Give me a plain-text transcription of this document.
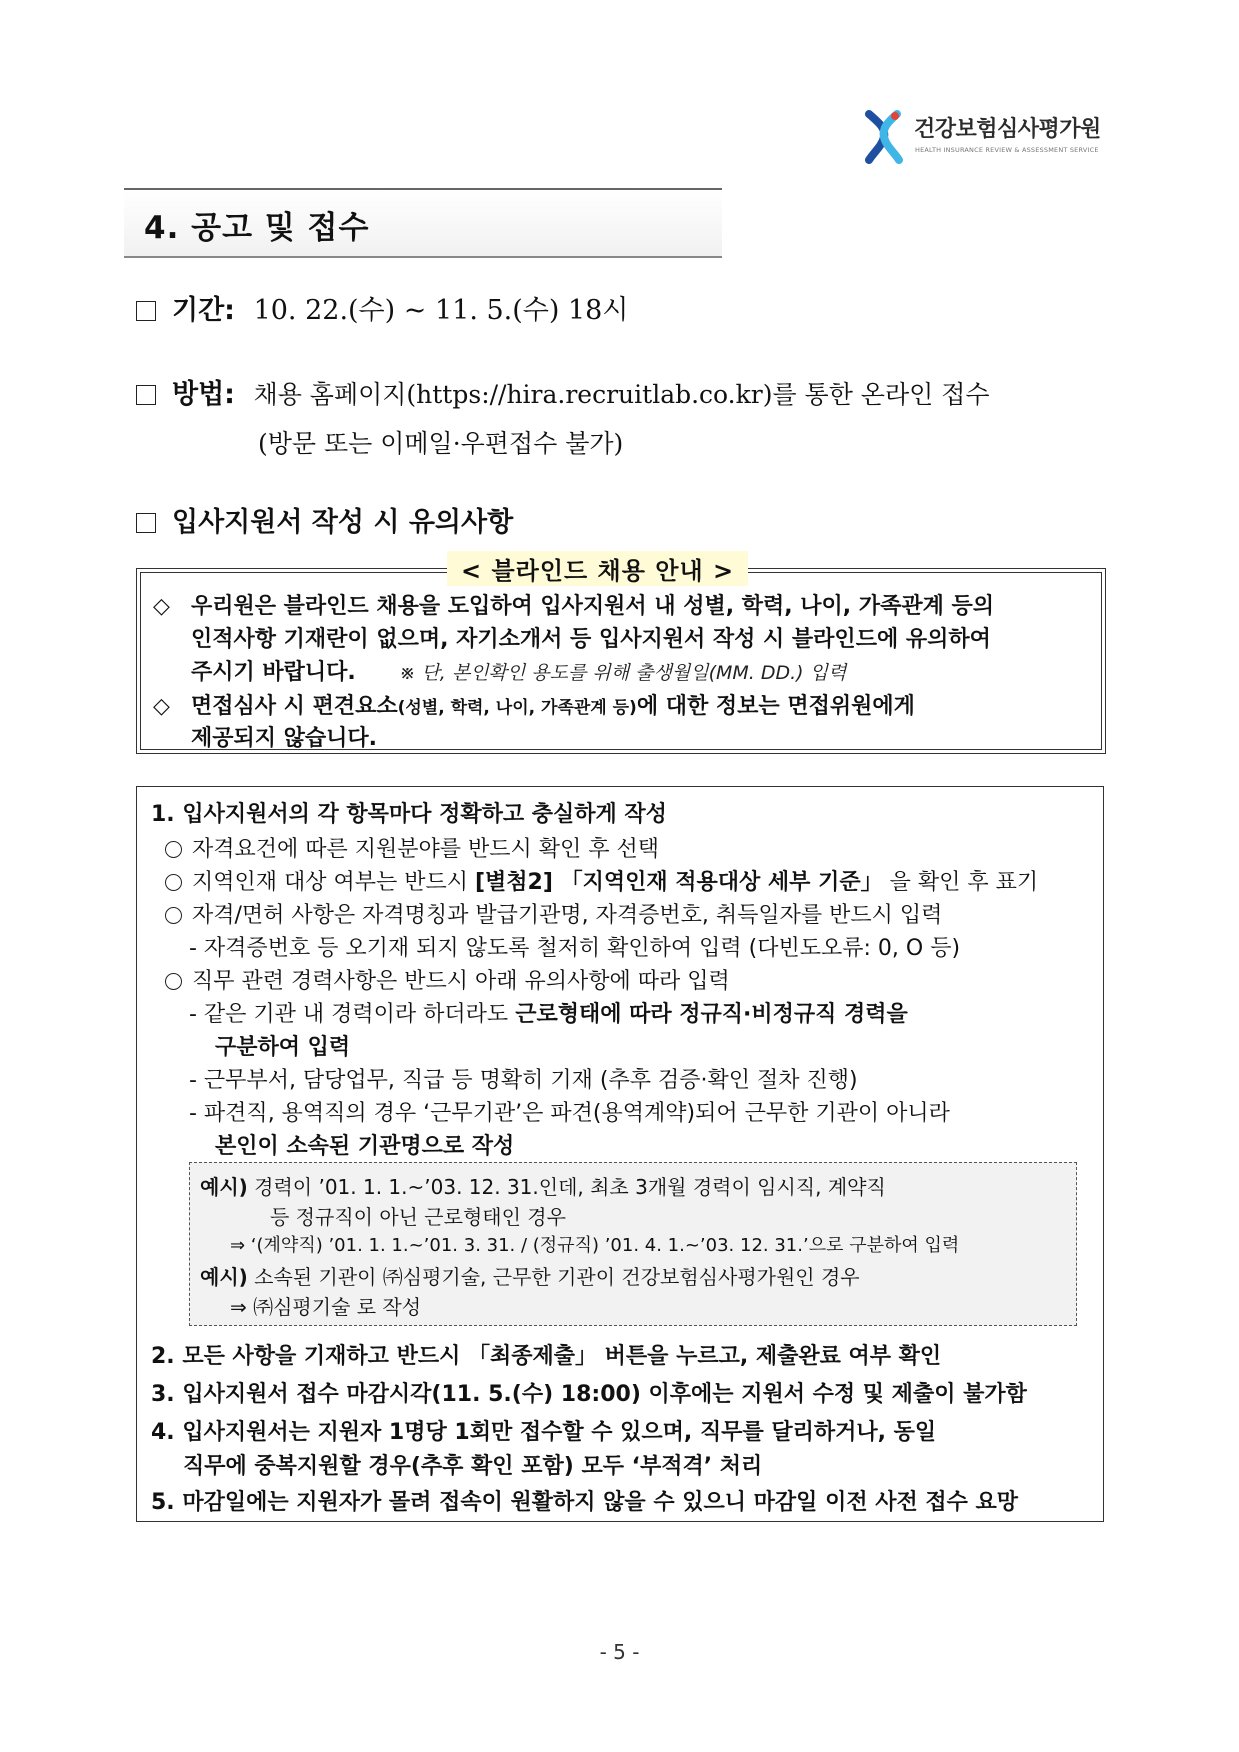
건강보험심사평가원
HEALTH INSURANCE REVIEW & ASSESSMENT SERVICE
4. 공고 및 접수
기간: 10. 22.(수) ~ 11. 5.(수) 18시
방법: 채용 홈페이지(https://hira.recruitlab.co.kr)를 통한 온라인 접수
(방문 또는 이메일·우편접수 불가)
입사지원서 작성 시 유의사항
< 블라인드 채용 안내 >
◇ 우리원은 블라인드 채용을 도입하여 입사지원서 내 성별, 학력, 나이, 가족관계 등의
인적사항 기재란이 없으며, 자기소개서 등 입사지원서 작성 시 블라인드에 유의하여
주시기 바랍니다. ※ 단, 본인확인 용도를 위해 출생월일(MM. DD.) 입력
◇ 면접심사 시 편견요소(성별, 학력, 나이, 가족관계 등)에 대한 정보는 면접위원에게
제공되지 않습니다.
1. 입사지원서의 각 항목마다 정확하고 충실하게 작성
자격요건에 따른 지원분야를 반드시 확인 후 선택
지역인재 대상 여부는 반드시 [별첨2] 「지역인재 적용대상 세부 기준」 을 확인 후 표기
자격/면허 사항은 자격명칭과 발급기관명, 자격증번호, 취득일자를 반드시 입력
- 자격증번호 등 오기재 되지 않도록 철저히 확인하여 입력 (다빈도오류: 0, O 등)
직무 관련 경력사항은 반드시 아래 유의사항에 따라 입력
- 같은 기관 내 경력이라 하더라도 근로형태에 따라 정규직·비정규직 경력을
구분하여 입력
- 근무부서, 담당업무, 직급 등 명확히 기재 (추후 검증·확인 절차 진행)
- 파견직, 용역직의 경우 ‘근무기관’은 파견(용역계약)되어 근무한 기관이 아니라
본인이 소속된 기관명으로 작성
예시) 경력이 ’01. 1. 1.~’03. 12. 31.인데, 최초 3개월 경력이 임시직, 계약직
등 정규직이 아닌 근로형태인 경우
⇒ ‘(계약직) ’01. 1. 1.~’01. 3. 31. / (정규직) ’01. 4. 1.~’03. 12. 31.’으로 구분하여 입력
예시) 소속된 기관이 ㈜심평기술, 근무한 기관이 건강보험심사평가원인 경우
⇒ ㈜심평기술 로 작성
2. 모든 사항을 기재하고 반드시 「최종제출」 버튼을 누르고, 제출완료 여부 확인
3. 입사지원서 접수 마감시각(11. 5.(수) 18:00) 이후에는 지원서 수정 및 제출이 불가함
4. 입사지원서는 지원자 1명당 1회만 접수할 수 있으며, 직무를 달리하거나, 동일
직무에 중복지원할 경우(추후 확인 포함) 모두 ‘부적격’ 처리
5. 마감일에는 지원자가 몰려 접속이 원활하지 않을 수 있으니 마감일 이전 사전 접수 요망
- 5 -
